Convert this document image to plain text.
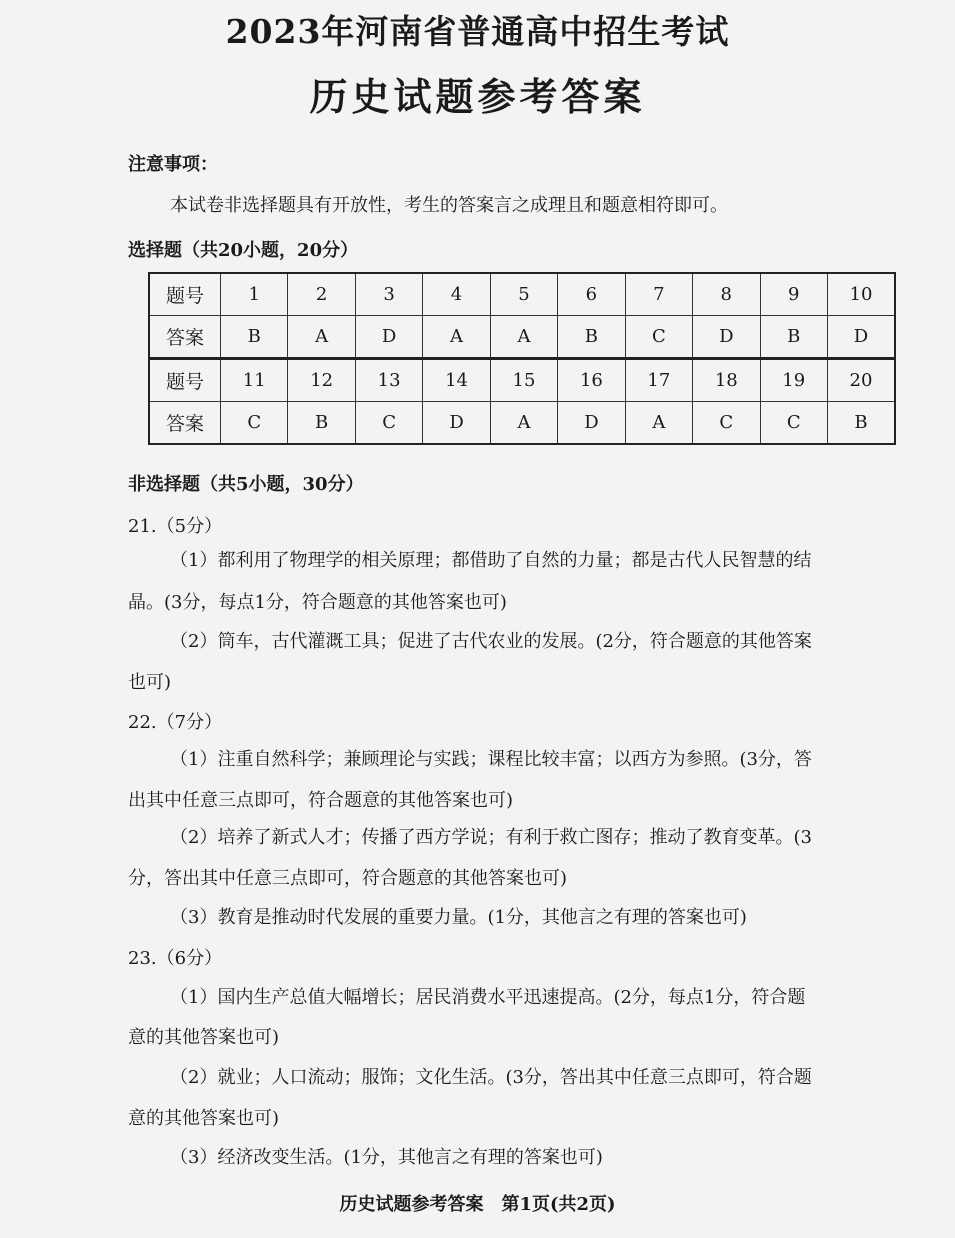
2023年河南省普通高中招生考试
历史试题参考答案
注意事项：
本试卷非选择题具有开放性，考生的答案言之成理且和题意相符即可。
选择题（共20小题，20分）
题号	1	2	3	4	5	6	7	8	9	10
答案	B	A	D	A	A	B	C	D	B	D
题号	11	12	13	14	15	16	17	18	19	20
答案	C	B	C	D	A	D	A	C	C	B
非选择题（共5小题，30分）
21.（5分）
（1）都利用了物理学的相关原理；都借助了自然的力量；都是古代人民智慧的结
晶。(3分，每点1分，符合题意的其他答案也可)
（2）筒车，古代灌溉工具；促进了古代农业的发展。(2分，符合题意的其他答案
也可)
22.（7分）
（1）注重自然科学；兼顾理论与实践；课程比较丰富；以西方为参照。(3分，答
出其中任意三点即可，符合题意的其他答案也可)
（2）培养了新式人才；传播了西方学说；有利于救亡图存；推动了教育变革。(3
分，答出其中任意三点即可，符合题意的其他答案也可)
（3）教育是推动时代发展的重要力量。(1分，其他言之有理的答案也可)
23.（6分）
（1）国内生产总值大幅增长；居民消费水平迅速提高。(2分，每点1分，符合题
意的其他答案也可)
（2）就业；人口流动；服饰；文化生活。(3分，答出其中任意三点即可，符合题
意的其他答案也可)
（3）经济改变生活。(1分，其他言之有理的答案也可)
历史试题参考答案　第1页(共2页)
